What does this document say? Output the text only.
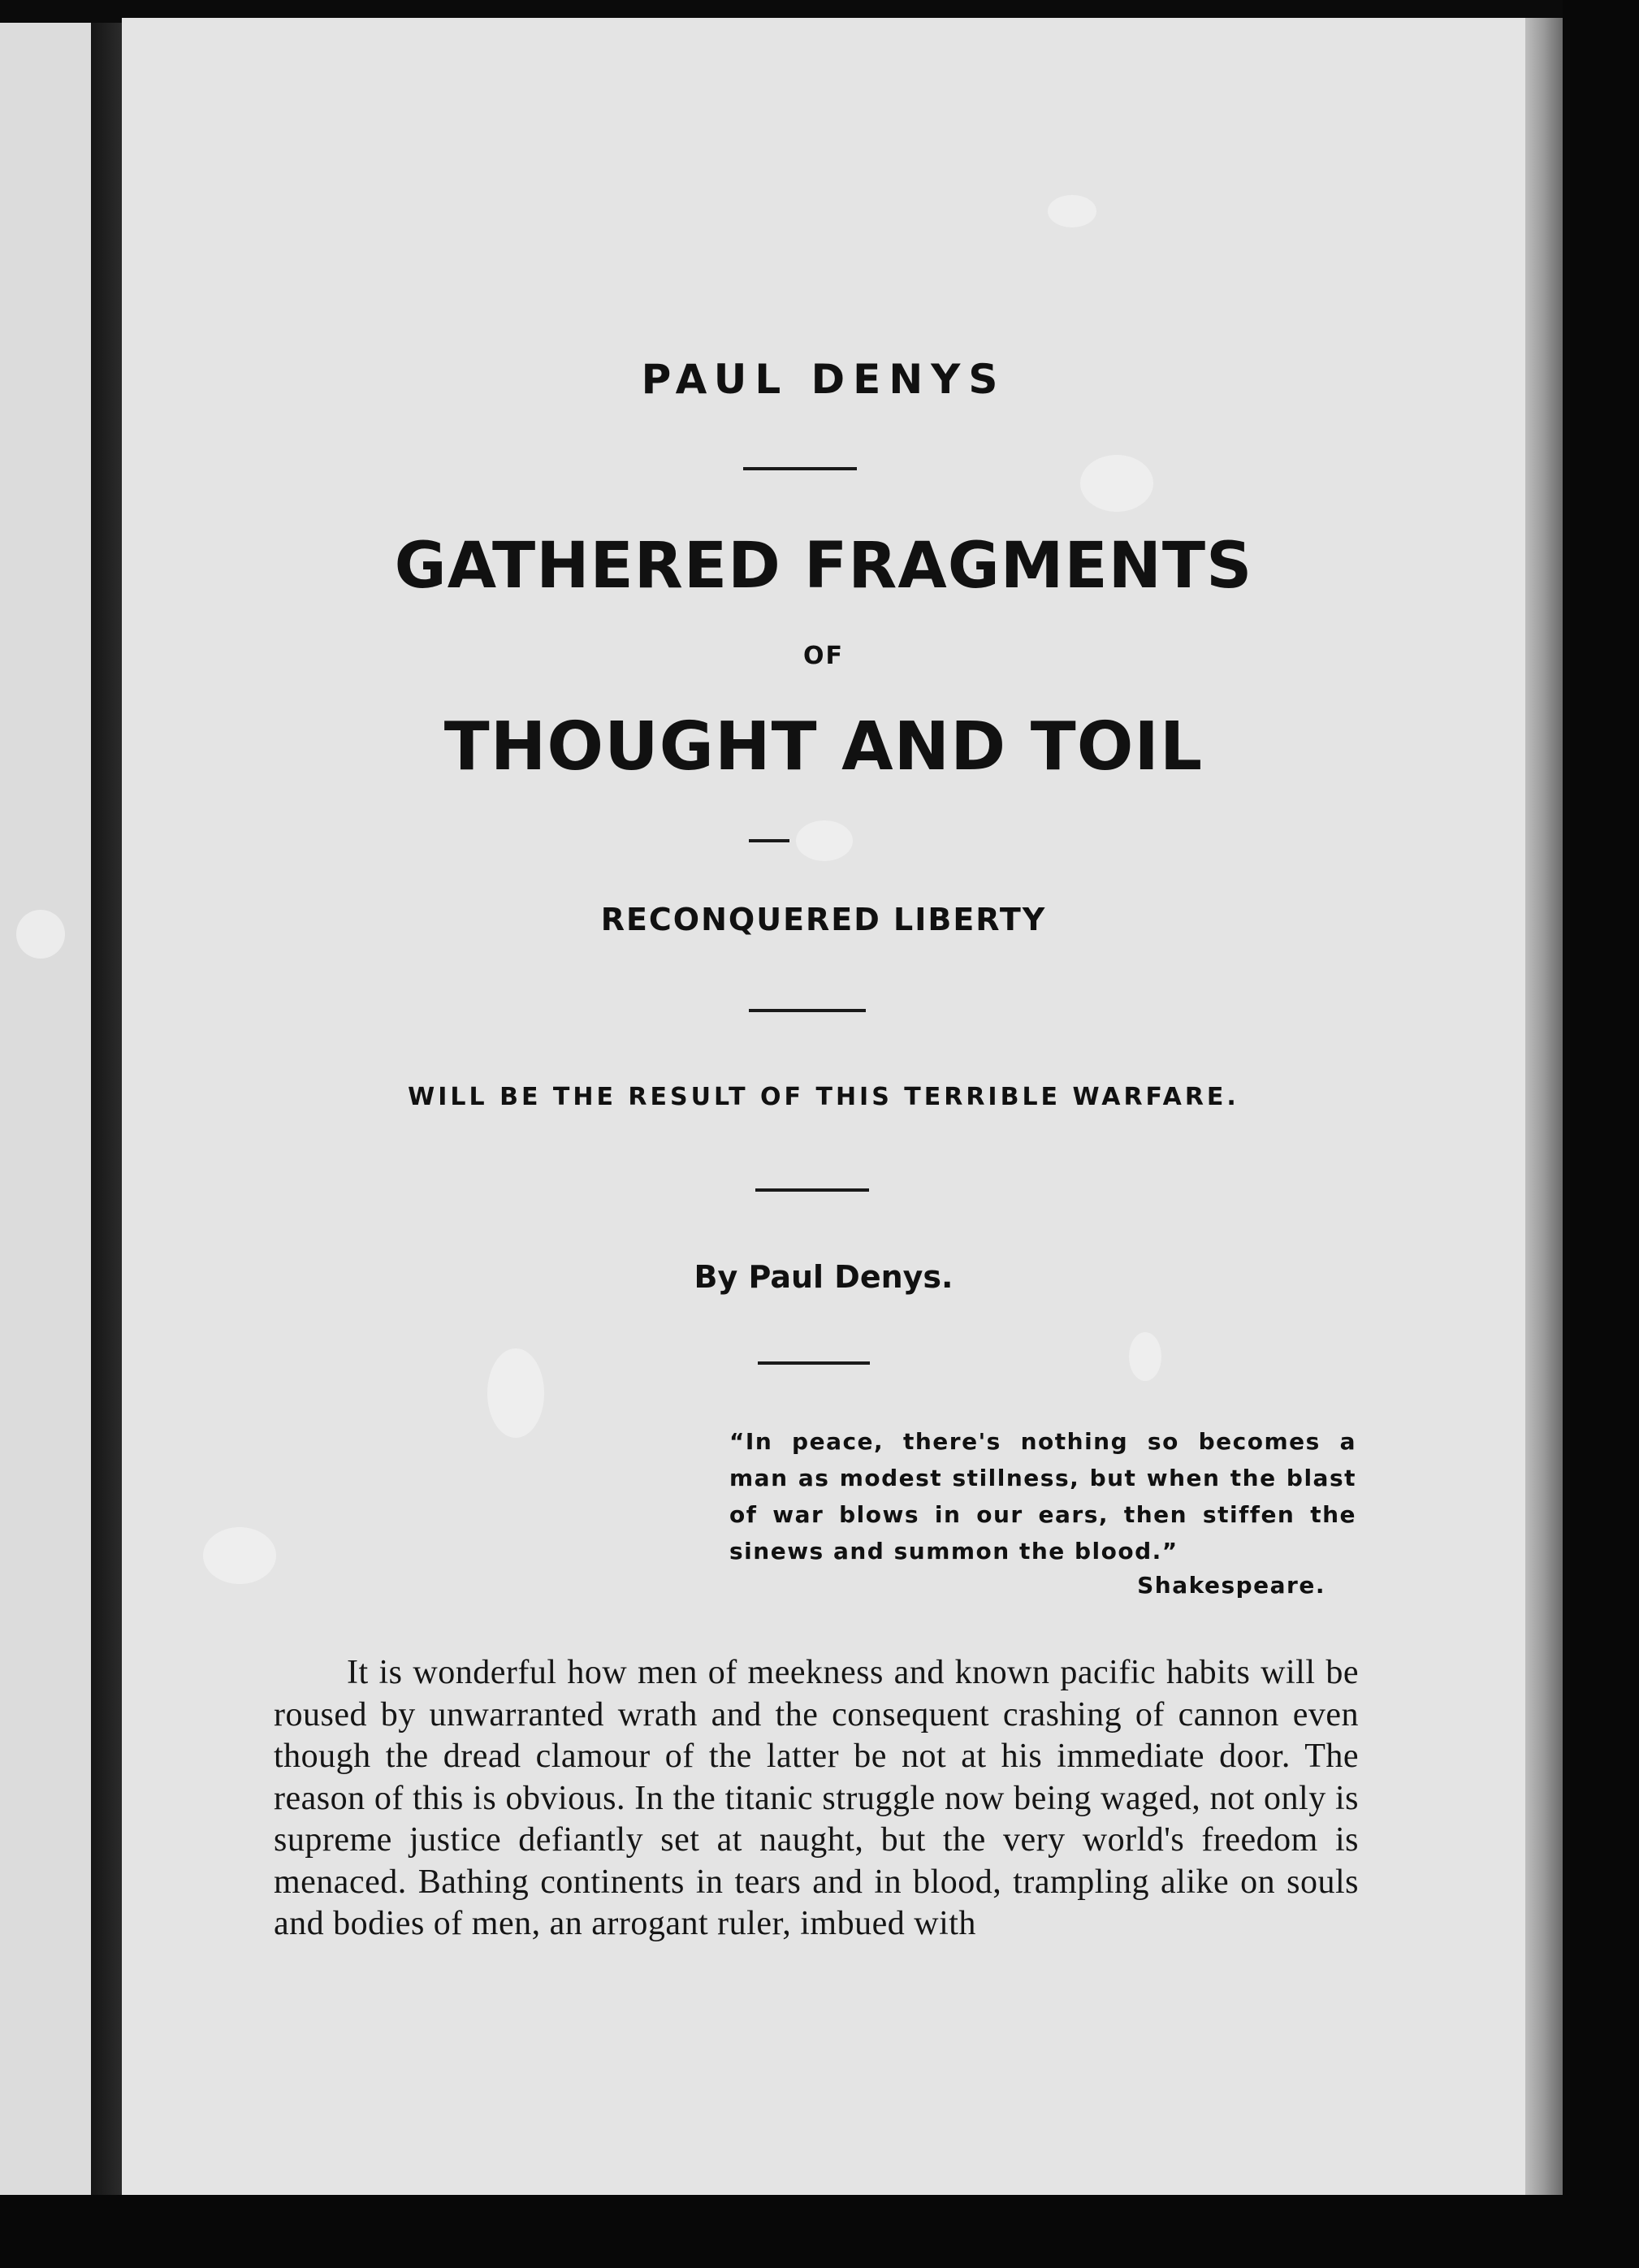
PAUL DENYS
GATHERED FRAGMENTS
OF
THOUGHT AND TOIL
RECONQUERED LIBERTY
WILL BE THE RESULT OF THIS TERRIBLE WARFARE.
By Paul Denys.
“In peace, there's nothing so becomes a man as modest stillness, but when the blast of war blows in our ears, then stiffen the sinews and summon the blood.”
Shakespeare.
It is wonderful how men of meekness and known pacific habits will be roused by unwarranted wrath and the consequent crashing of cannon even though the dread clamour of the latter be not at his immediate door. The reason of this is obvious. In the titanic struggle now being waged, not only is supreme justice defiantly set at naught, but the very world's freedom is menaced. Bathing continents in tears and in blood, trampling alike on souls and bodies of men, an arrogant ruler, imbued with
